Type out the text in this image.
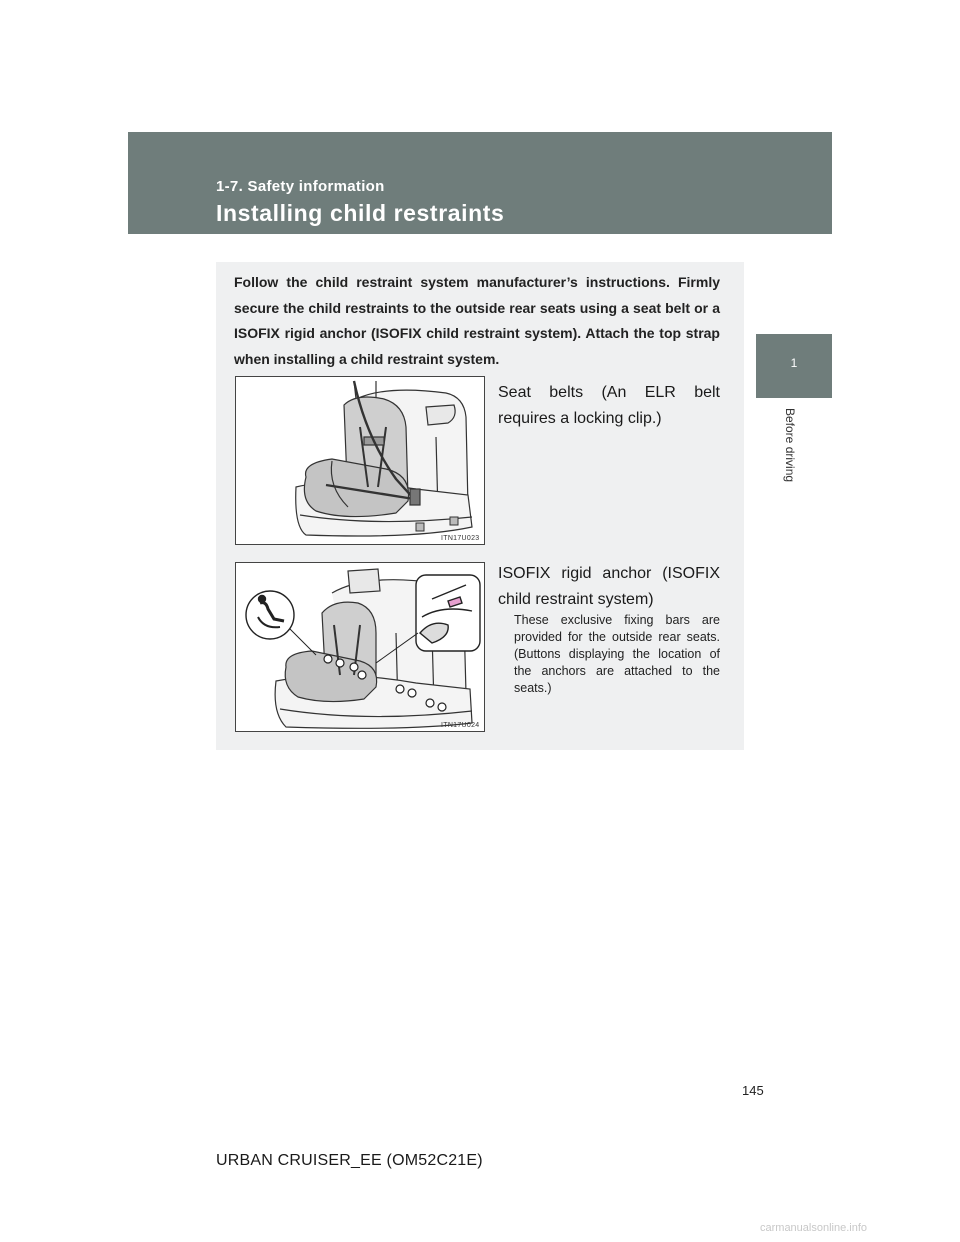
1-7. Safety information
Installing child restraints
1
Before driving

Follow the child restraint system manufacturer’s instructions. Firmly secure the child restraints to the outside rear seats using a seat belt or a ISOFIX rigid anchor (ISOFIX child restraint system). Attach the top strap when installing a child restraint system.

ITN17U023
Seat belts (An ELR belt requires a locking clip.)
ITN17U024
ISOFIX rigid anchor (ISOFIX child restraint system)

These exclusive fixing bars are provided for the outside rear seats. (Buttons displaying the location of the anchors are attached to the seats.)

145
URBAN CRUISER_EE (OM52C21E)
carmanualsonline.info
